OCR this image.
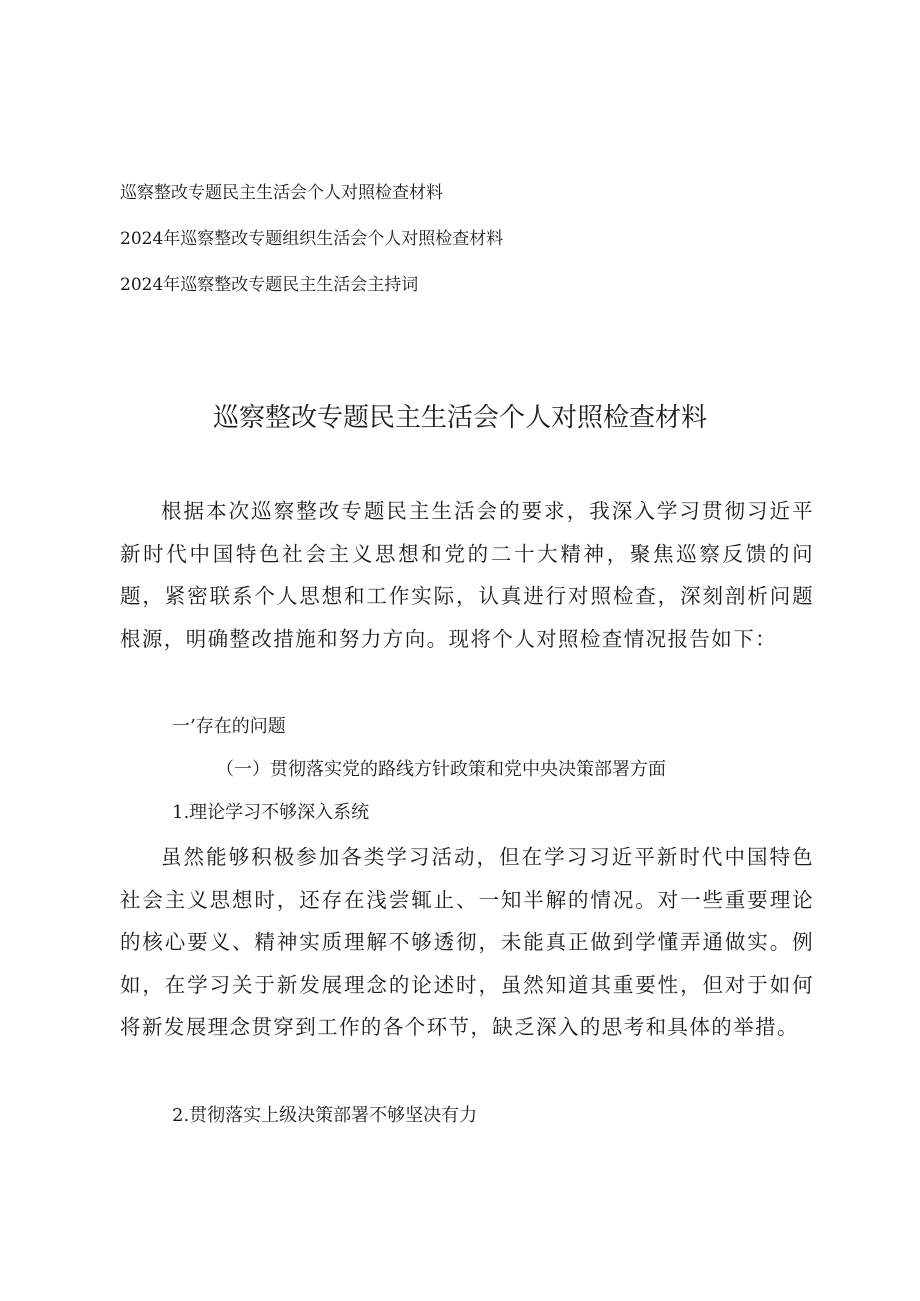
巡察整改专题民主生活会个人对照检查材料
2024年巡察整改专题组织生活会个人对照检查材料
2024年巡察整改专题民主生活会主持词
巡察整改专题民主生活会个人对照检查材料
根据本次巡察整改专题民主生活会的要求，我深入学习贯彻习近平新时代中国特色社会主义思想和党的二十大精神，聚焦巡察反馈的问题，紧密联系个人思想和工作实际，认真进行对照检查，深刻剖析问题根源，明确整改措施和努力方向。现将个人对照检查情况报告如下：
一’存在的问题
（一）贯彻落实党的路线方针政策和党中央决策部署方面
1.理论学习不够深入系统
虽然能够积极参加各类学习活动，但在学习习近平新时代中国特色社会主义思想时，还存在浅尝辄止、一知半解的情况。对一些重要理论的核心要义、精神实质理解不够透彻，未能真正做到学懂弄通做实。例如，在学习关于新发展理念的论述时，虽然知道其重要性，但对于如何将新发展理念贯穿到工作的各个环节，缺乏深入的思考和具体的举措。
2.贯彻落实上级决策部署不够坚决有力
